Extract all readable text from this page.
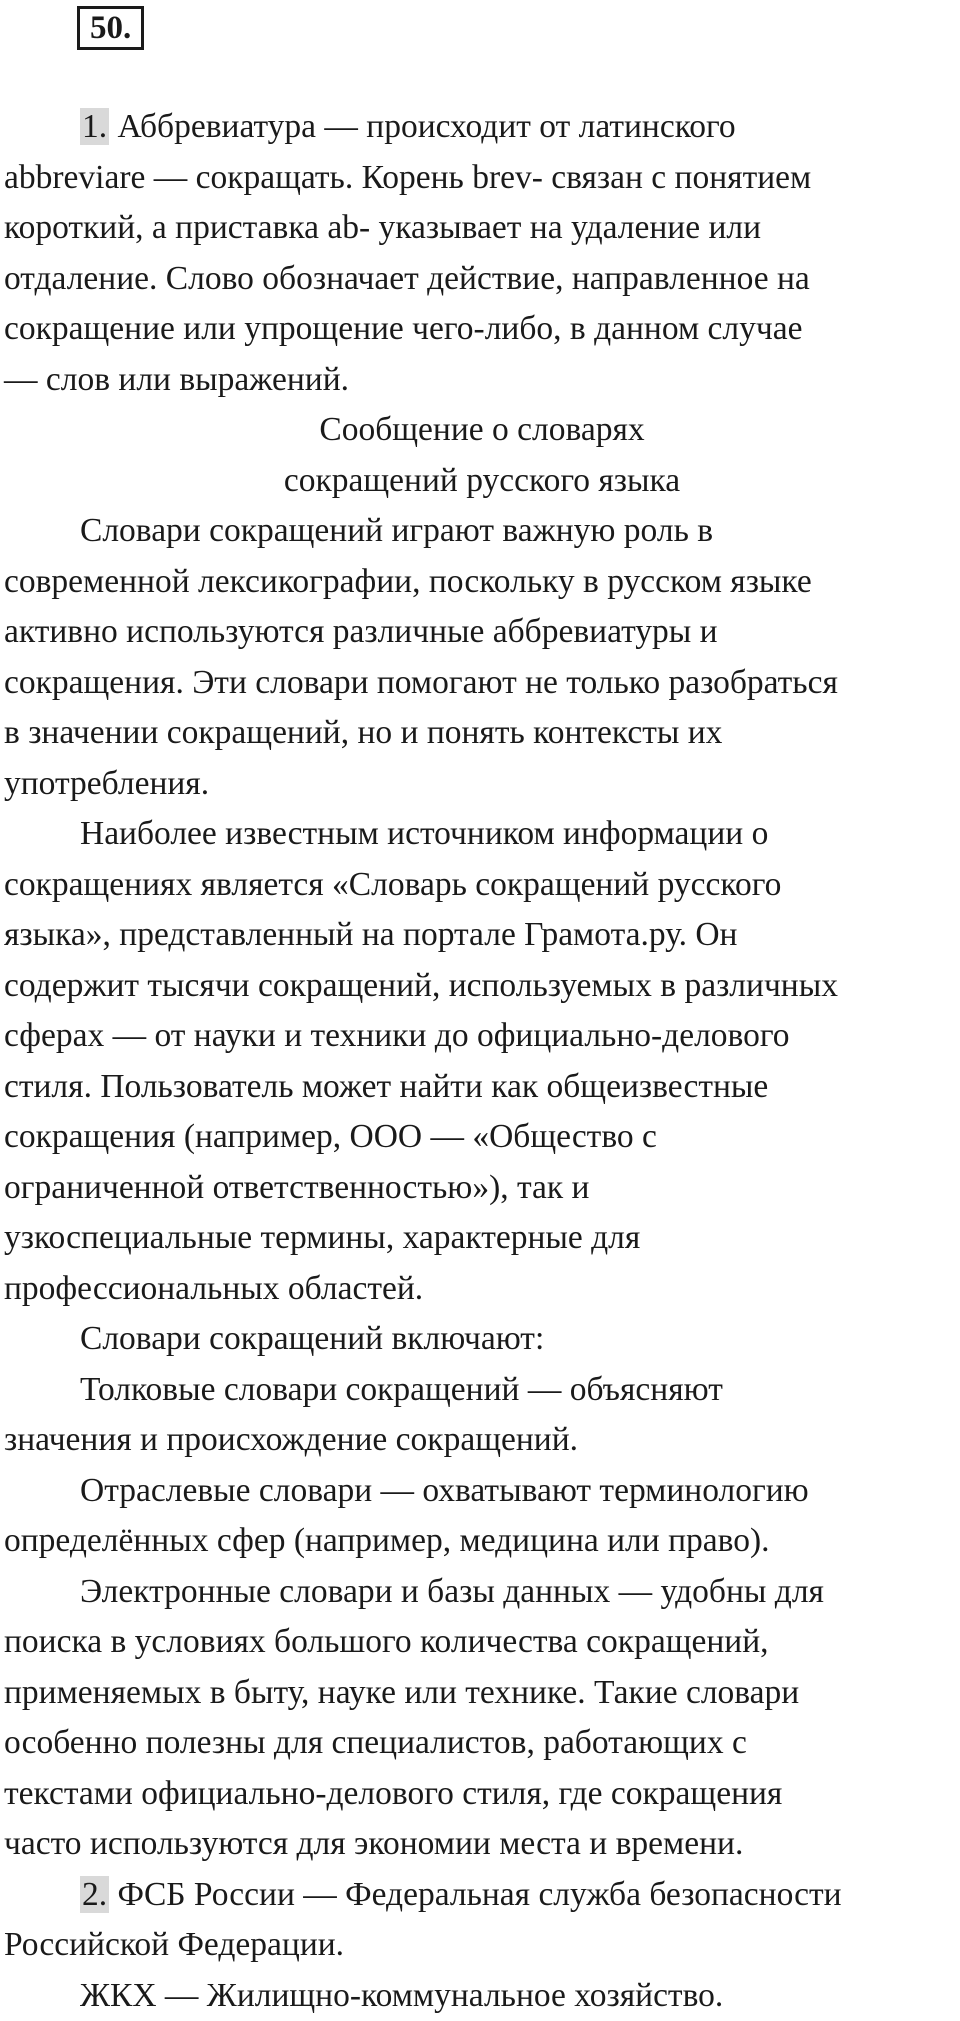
50.

1. Аббревиатура — происходит от латинского

abbreviare — сокращать. Корень brev- связан с понятием

короткий, а приставка ab- указывает на удаление или

отдаление. Слово обозначает действие, направленное на

сокращение или упрощение чего-либо, в данном случае

— слов или выражений.

Сообщение о словарях

сокращений русского языка

Словари сокращений играют важную роль в

современной лексикографии, поскольку в русском языке

активно используются различные аббревиатуры и

сокращения. Эти словари помогают не только разобраться

в значении сокращений, но и понять контексты их

употребления.

Наиболее известным источником информации о

сокращениях является «Словарь сокращений русского

языка», представленный на портале Грамота.ру. Он

содержит тысячи сокращений, используемых в различных

сферах — от науки и техники до официально-делового

стиля. Пользователь может найти как общеизвестные

сокращения (например, ООО — «Общество с

ограниченной ответственностью»), так и

узкоспециальные термины, характерные для

профессиональных областей.

Словари сокращений включают:

Толковые словари сокращений — объясняют

значения и происхождение сокращений.

Отраслевые словари — охватывают терминологию

определённых сфер (например, медицина или право).

Электронные словари и базы данных — удобны для

поиска в условиях большого количества сокращений,

применяемых в быту, науке или технике. Такие словари

особенно полезны для специалистов, работающих с

текстами официально-делового стиля, где сокращения

часто используются для экономии места и времени.

2. ФСБ России — Федеральная служба безопасности

Российской Федерации.

ЖКХ — Жилищно-коммунальное хозяйство.
